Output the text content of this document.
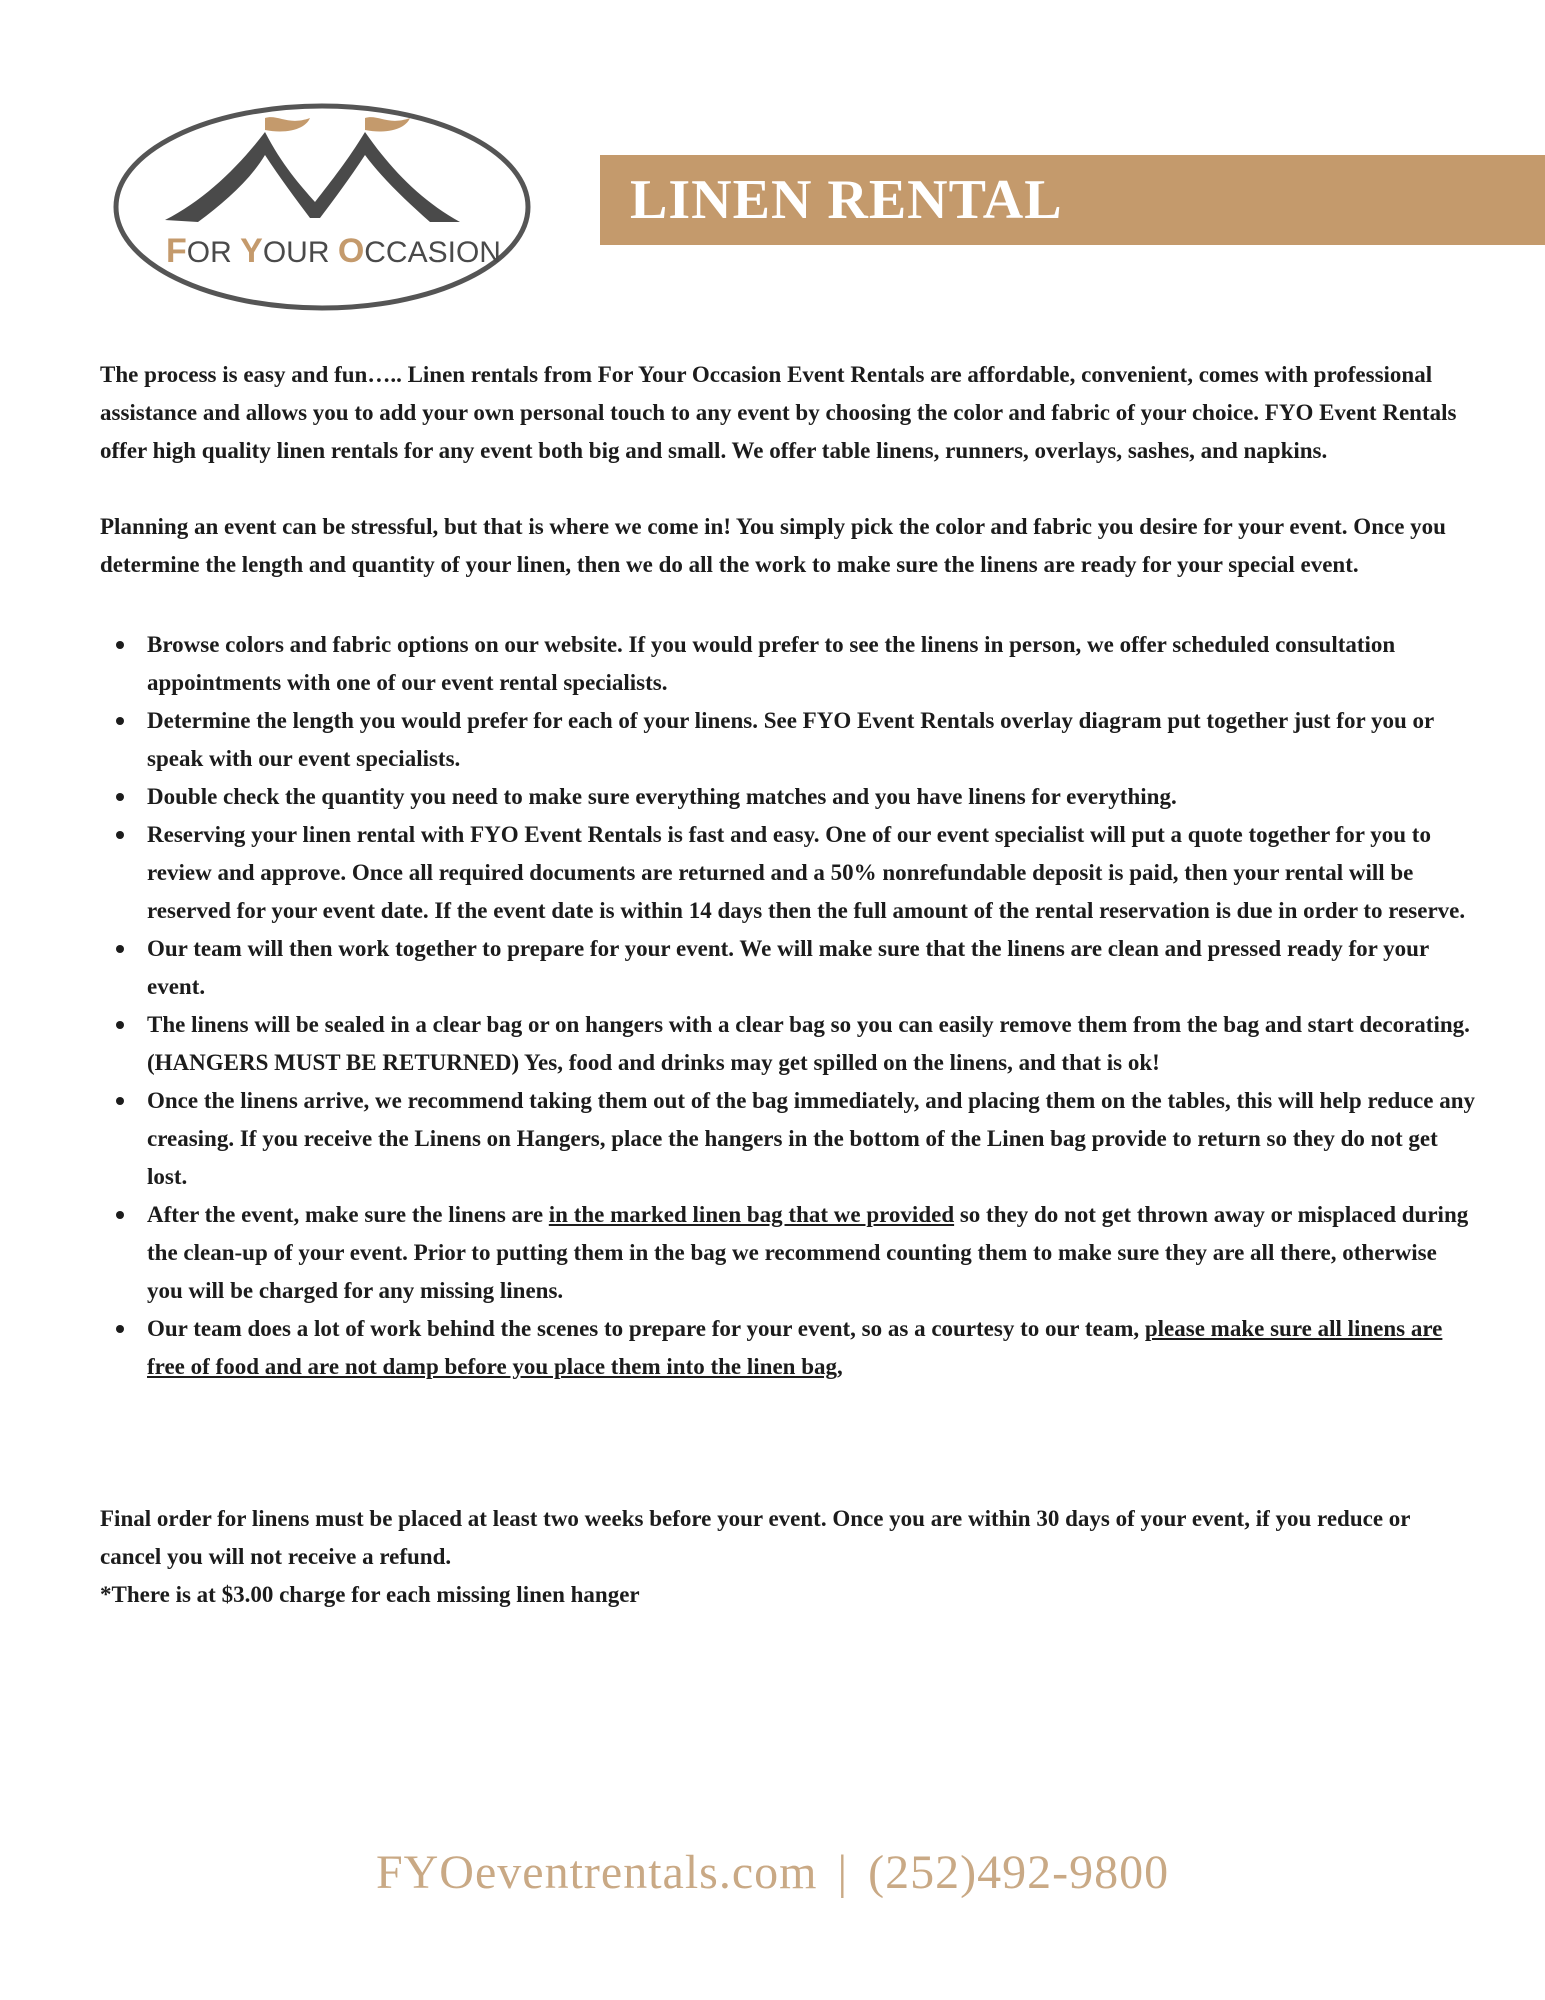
FOR YOUR OCCASION
LINEN RENTAL

The process is easy and fun….. Linen rentals from For Your Occasion Event Rentals are affordable, convenient, comes with professional assistance and allows you to add your own personal touch to any event by choosing the color and fabric of your choice. FYO Event Rentals offer high quality linen rentals for any event both big and small. We offer table linens, runners, overlays, sashes, and napkins.

Planning an event can be stressful, but that is where we come in! You simply pick the color and fabric you desire for your event. Once you determine the length and quantity of your linen, then we do all the work to make sure the linens are ready for your special event.

Browse colors and fabric options on our website. If you would prefer to see the linens in person, we offer scheduled consultation appointments with one of our event rental specialists.
Determine the length you would prefer for each of your linens. See FYO Event Rentals overlay diagram put together just for you or speak with our event specialists.
Double check the quantity you need to make sure everything matches and you have linens for everything.
Reserving your linen rental with FYO Event Rentals is fast and easy. One of our event specialist will put a quote together for you to review and approve. Once all required documents are returned and a 50% nonrefundable deposit is paid, then your rental will be reserved for your event date. If the event date is within 14 days then the full amount of the rental reservation is due in order to reserve.
Our team will then work together to prepare for your event. We will make sure that the linens are clean and pressed ready for your event.
The linens will be sealed in a clear bag or on hangers with a clear bag so you can easily remove them from the bag and start decorating. (HANGERS MUST BE RETURNED) Yes, food and drinks may get spilled on the linens, and that is ok!
Once the linens arrive, we recommend taking them out of the bag immediately, and placing them on the tables, this will help reduce any creasing. If you receive the Linens on Hangers, place the hangers in the bottom of the Linen bag provide to return so they do not get lost.
After the event, make sure the linens are in the marked linen bag that we provided so they do not get thrown away or misplaced during the clean-up of your event. Prior to putting them in the bag we recommend counting them to make sure they are all there, otherwise you will be charged for any missing linens.
Our team does a lot of work behind the scenes to prepare for your event, so as a courtesy to our team, please make sure all linens are free of food and are not damp before you place them into the linen bag,

Final order for linens must be placed at least two weeks before your event. Once you are within 30 days of your event, if you reduce or cancel you will not receive a refund.

*There is at $3.00 charge for each missing linen hanger

FYOeventrentals.com | (252)492-9800
